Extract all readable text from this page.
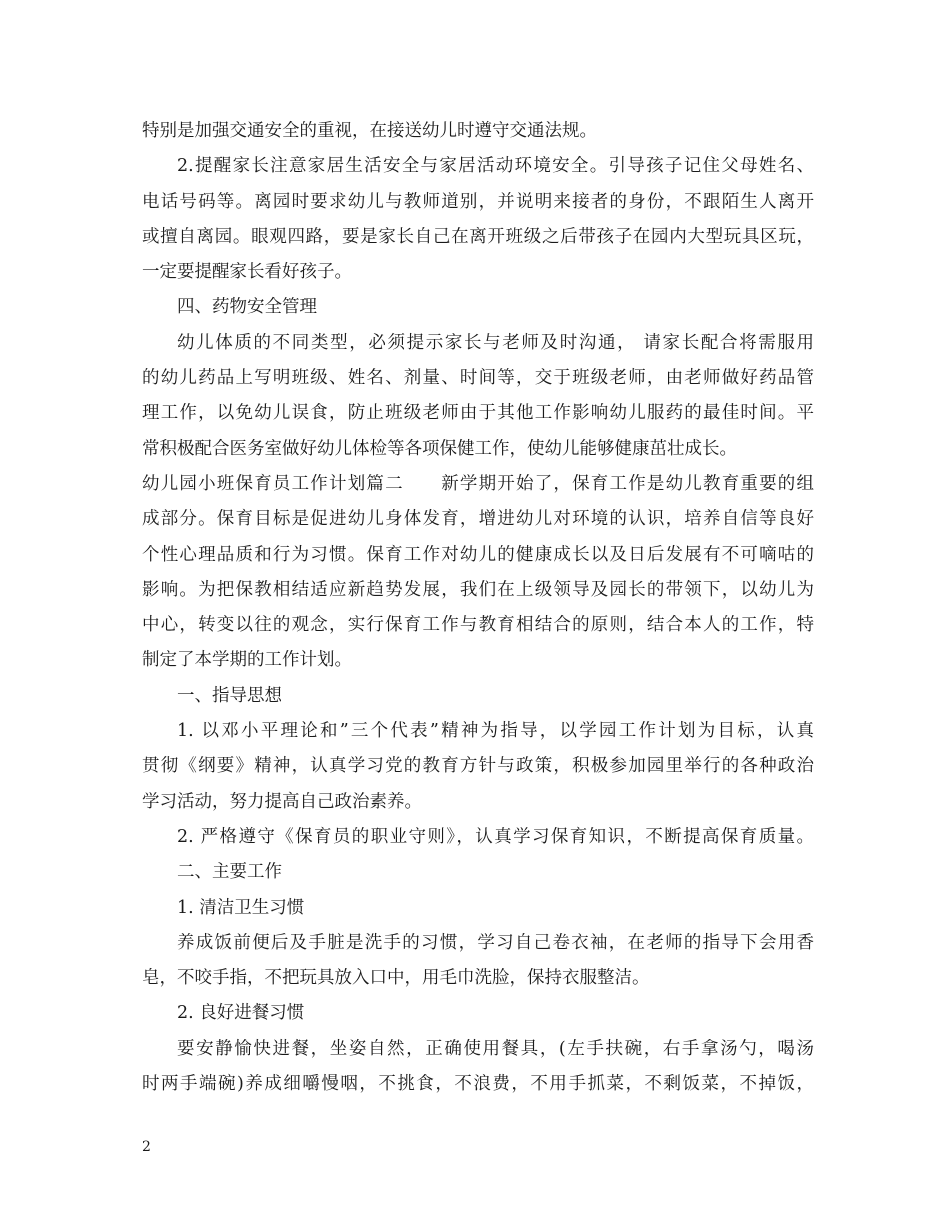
特别是加强交通安全的重视，在接送幼儿时遵守交通法规。
2.提醒家长注意家居生活安全与家居活动环境安全。引导孩子记住父母姓名、
电话号码等。离园时要求幼儿与教师道别，并说明来接者的身份，不跟陌生人离开
或擅自离园。眼观四路，要是家长自己在离开班级之后带孩子在园内大型玩具区玩，
一定要提醒家长看好孩子。
四、药物安全管理
幼儿体质的不同类型，必须提示家长与老师及时沟通， 请家长配合将需服用
的幼儿药品上写明班级、姓名、剂量、时间等，交于班级老师，由老师做好药品管
理工作，以免幼儿误食，防止班级老师由于其他工作影响幼儿服药的最佳时间。平
常积极配合医务室做好幼儿体检等各项保健工作，使幼儿能够健康茁壮成长。
幼儿园小班保育员工作计划篇二　　新学期开始了，保育工作是幼儿教育重要的组
成部分。保育目标是促进幼儿身体发育，增进幼儿对环境的认识，培养自信等良好
个性心理品质和行为习惯。保育工作对幼儿的健康成长以及日后发展有不可嘀咕的
影响。为把保教相结适应新趋势发展，我们在上级领导及园长的带领下，以幼儿为
中心，转变以往的观念，实行保育工作与教育相结合的原则，结合本人的工作，特
制定了本学期的工作计划。
一、指导思想
1. 以邓小平理论和”三个代表”精神为指导，以学园工作计划为目标，认真
贯彻《纲要》精神，认真学习党的教育方针与政策，积极参加园里举行的各种政治
学习活动，努力提高自己政治素养。
2. 严格遵守《保育员的职业守则》，认真学习保育知识，不断提高保育质量。
二、主要工作
1. 清洁卫生习惯
养成饭前便后及手脏是洗手的习惯，学习自己卷衣袖，在老师的指导下会用香
皂，不咬手指，不把玩具放入口中，用毛巾洗脸，保持衣服整洁。
2. 良好进餐习惯
要安静愉快进餐，坐姿自然，正确使用餐具，(左手扶碗，右手拿汤勺，喝汤
时两手端碗)养成细嚼慢咽，不挑食，不浪费，不用手抓菜，不剩饭菜，不掉饭，
2
